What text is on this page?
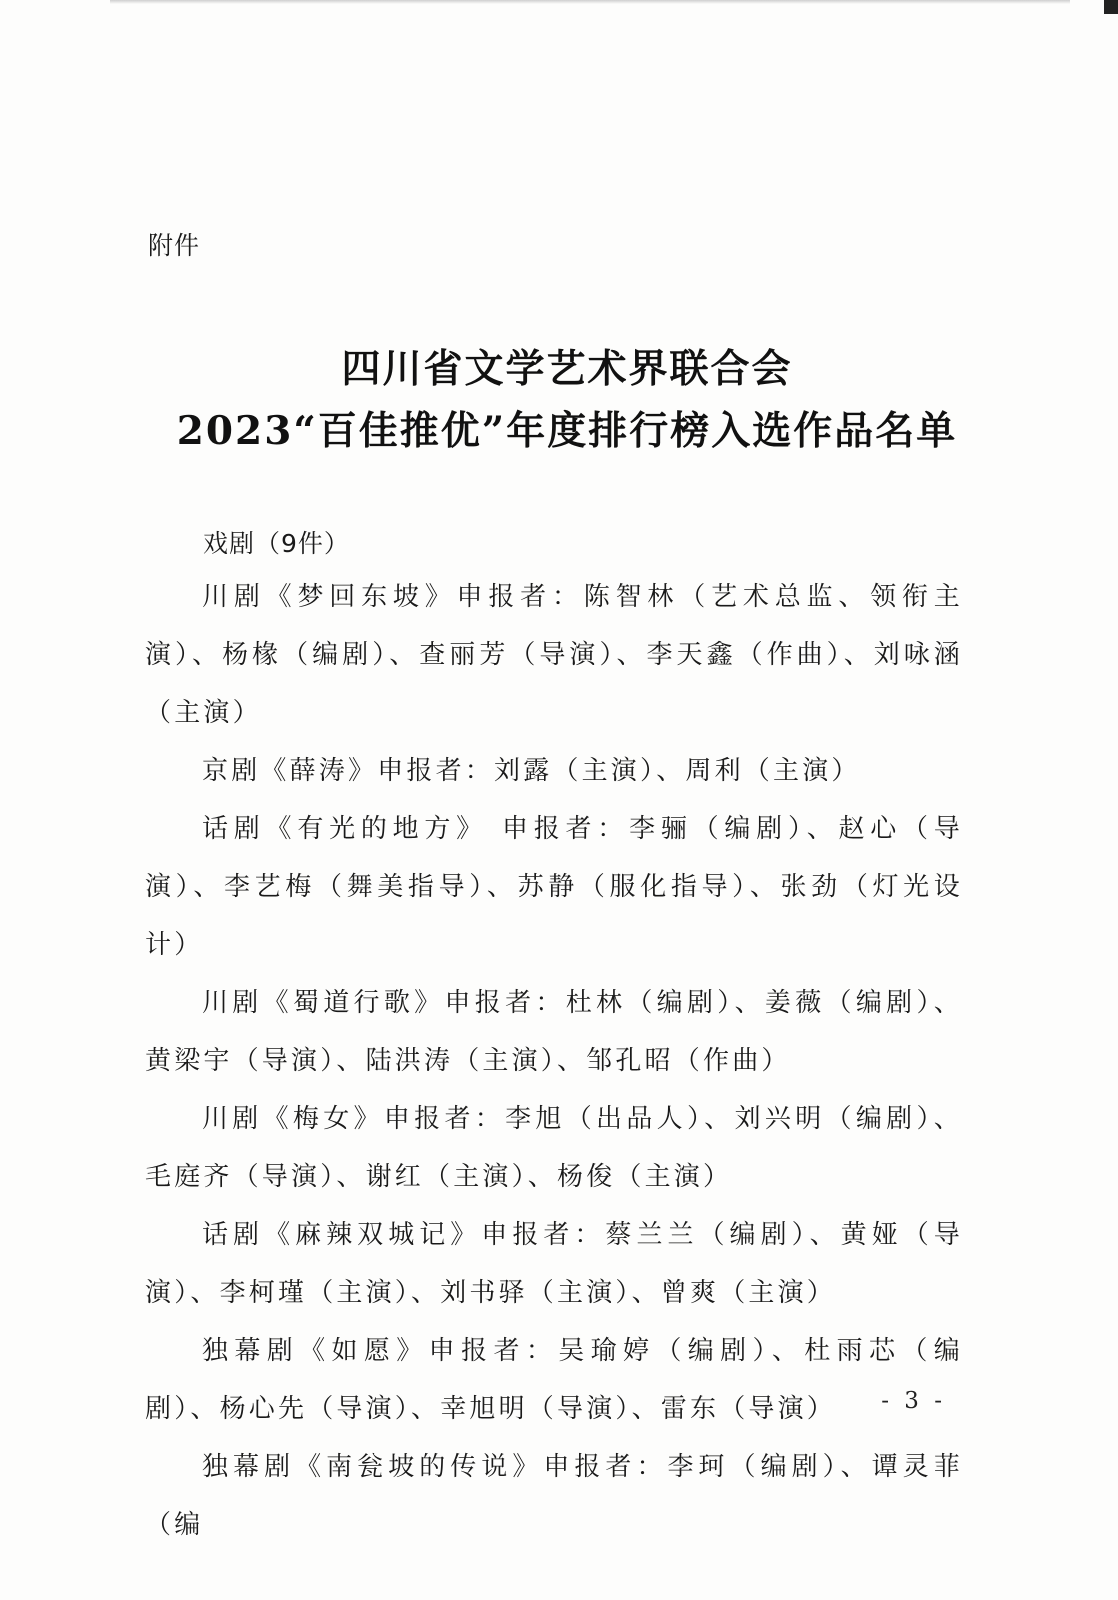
附件
四川省文学艺术界联合会
2023“百佳推优”年度排行榜入选作品名单
戏剧（9件）
川剧《梦回东坡》申报者：陈智林（艺术总监、领衔主演）、杨椽（编剧）、查丽芳（导演）、李天鑫（作曲）、刘咏涵（主演）
京剧《薛涛》申报者：刘露（主演）、周利（主演）
话剧《有光的地方》 申报者：李骊（编剧）、赵心（导演）、李艺梅（舞美指导）、苏静（服化指导）、张劲（灯光设计）
川剧《蜀道行歌》申报者：杜林（编剧）、姜薇（编剧）、黄梁宇（导演）、陆洪涛（主演）、邹孔昭（作曲）
川剧《梅女》申报者：李旭（出品人）、刘兴明（编剧）、毛庭齐（导演）、谢红（主演）、杨俊（主演）
话剧《麻辣双城记》申报者：蔡兰兰（编剧）、黄娅（导演）、李柯瑾（主演）、刘书驿（主演）、曾爽（主演）
独幕剧《如愿》申报者：吴瑜婷（编剧）、杜雨芯（编剧）、杨心先（导演）、幸旭明（导演）、雷东（导演）
独幕剧《南瓮坡的传说》申报者：李珂（编剧）、谭灵菲（编
- 3 -
